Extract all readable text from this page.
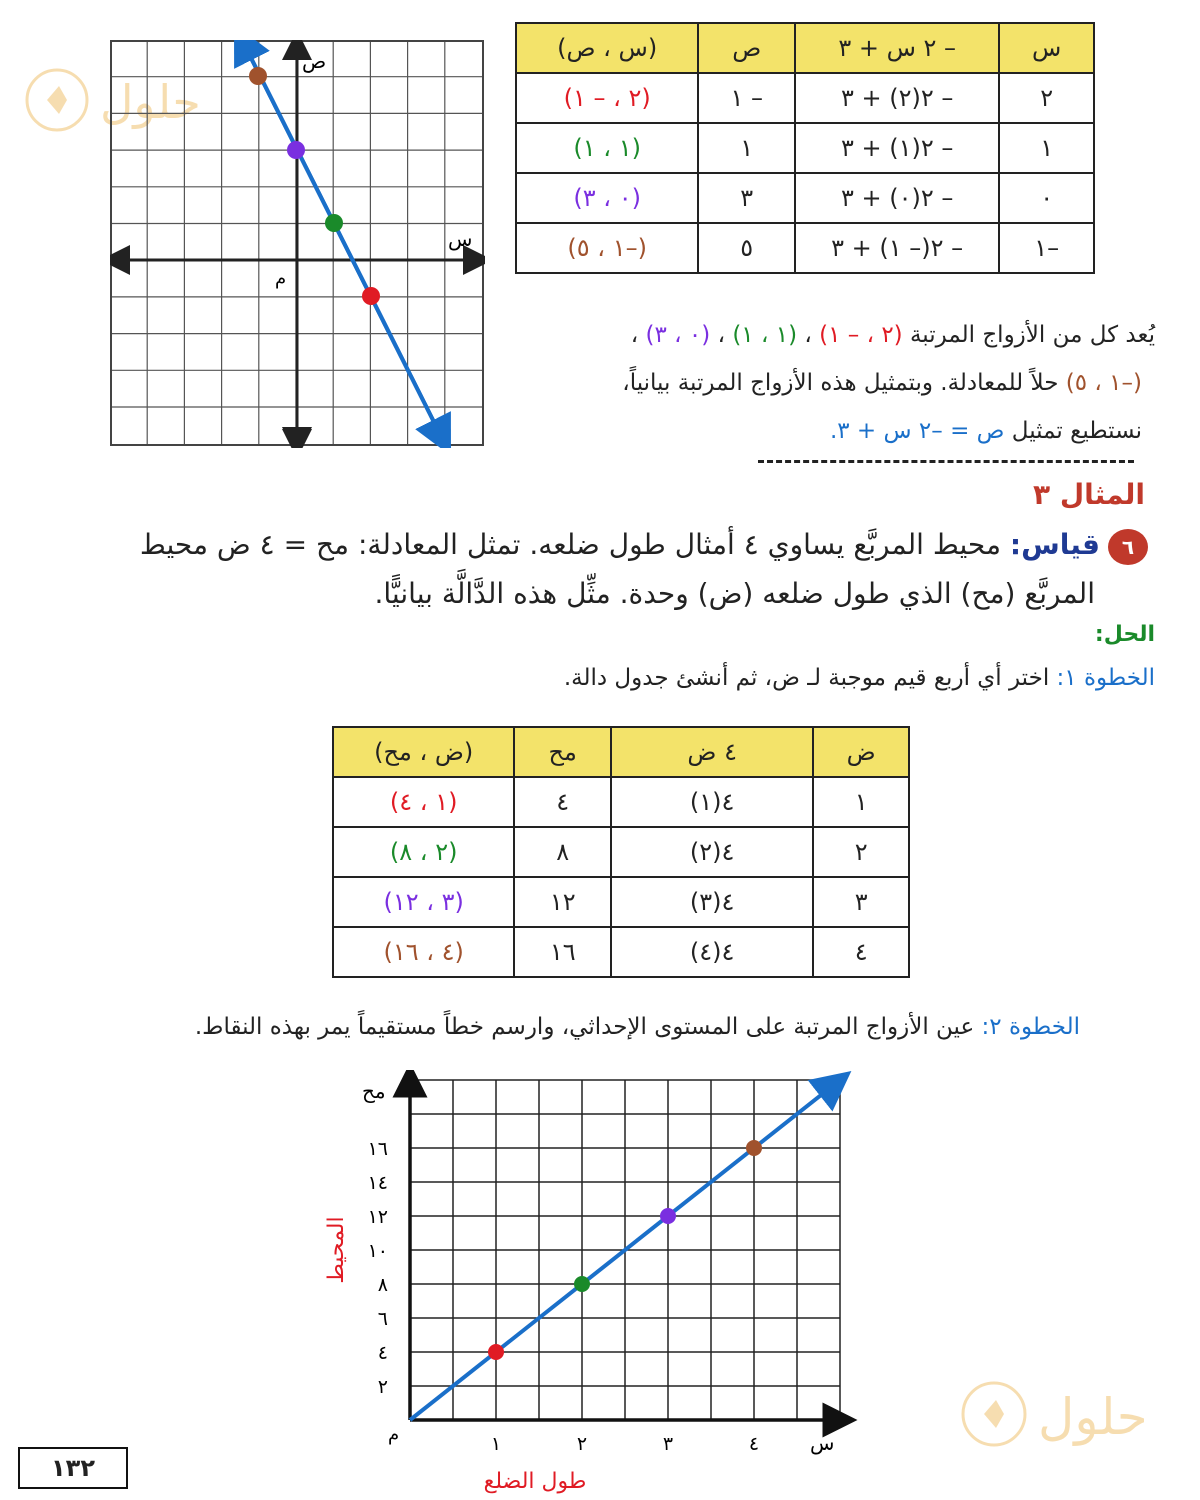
حلول
حلول
س	– ٢ س + ٣	ص	(س ، ص)
٢	– ٢(٢) + ٣	– ١	(٢ ، – ١)
١	– ٢(١) + ٣	١	(١ ، ١)
٠	– ٢(٠) + ٣	٣	(٠ ، ٣)
–١	– ٢(– ١) + ٣	٥	(–١ ، ٥)
ص
س
م
يُعد كل من الأزواج المرتبة (٢ ، – ١) ، (١ ، ١) ، (٠ ، ٣) ،
(–١ ، ٥) حلاً للمعادلة. وبتمثيل هذه الأزواج المرتبة بيانياً،
نستطيع تمثيل ص = –٢ س + ٣.
المثال ٣
٦
قياس: محيط المربَّع يساوي ٤ أمثال طول ضلعه. تمثل المعادلة: مح = ٤ ض محيط
المربَّع (مح) الذي طول ضلعه (ض) وحدة. مثِّل هذه الدَّالَّة بيانيًّا.
الحل:
الخطوة ١: اختر أي أربع قيم موجبة لـ ض، ثم أنشئ جدول دالة.
ض	٤ ض	مح	(ض ، مح)
١	٤(١)	٤	(١ ، ٤)
٢	٤(٢)	٨	(٢ ، ٨)
٣	٤(٣)	١٢	(٣ ، ١٢)
٤	٤(٤)	١٦	(٤ ، ١٦)
الخطوة ٢: عين الأزواج المرتبة على المستوى الإحداثي، وارسم خطاً مستقيماً يمر بهذه النقاط.
١	٢	٣	٤
٢
٤
٦
٨
١٠
١٢
١٤
١٦
س
مح
م
طول الضلع
المحيط
١٣٢
